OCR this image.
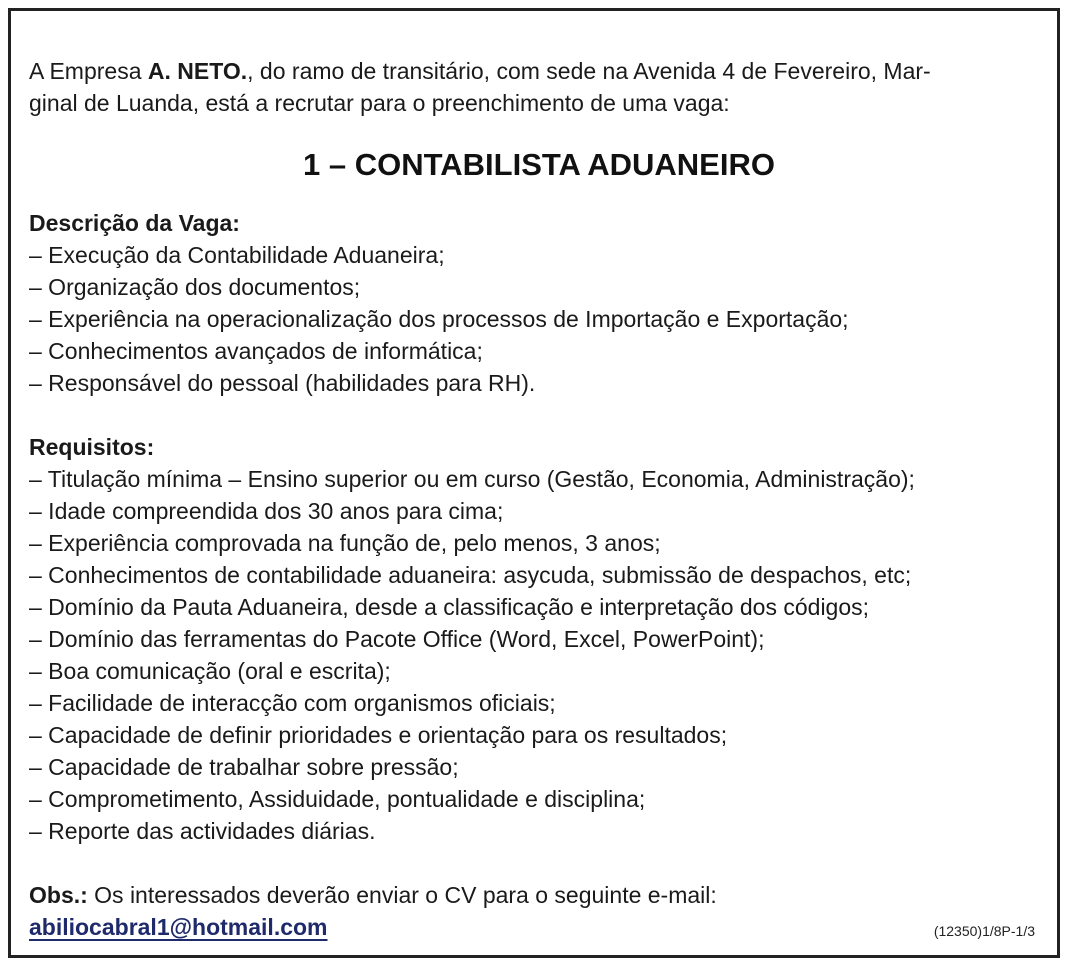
A Empresa A. NETO., do ramo de transitário, com sede na Avenida 4 de Fevereiro, Mar-
ginal de Luanda, está a recrutar para o preenchimento de uma vaga:

1 – CONTABILISTA ADUANEIRO
Descrição da Vaga:
– Execução da Contabilidade Aduaneira;
– Organização dos documentos;
– Experiência na operacionalização dos processos de Importação e Exportação;
– Conhecimentos avançados de informática;
– Responsável do pessoal (habilidades para RH).
Requisitos:
– Titulação mínima – Ensino superior ou em curso (Gestão, Economia, Administração);
– Idade compreendida dos 30 anos para cima;
– Experiência comprovada na função de, pelo menos, 3 anos;
– Conhecimentos de contabilidade aduaneira: asycuda, submissão de despachos, etc;
– Domínio da Pauta Aduaneira, desde a classificação e interpretação dos códigos;
– Domínio das ferramentas do Pacote Office (Word, Excel, PowerPoint);
– Boa comunicação (oral e escrita);
– Facilidade de interacção com organismos oficiais;
– Capacidade de definir prioridades e orientação para os resultados;
– Capacidade de trabalhar sobre pressão;
– Comprometimento, Assiduidade, pontualidade e disciplina;
– Reporte das actividades diárias.

Obs.: Os interessados deverão enviar o CV para o seguinte e-mail:
abiliocabral1@hotmail.com	(12350)1/8P-1/3
